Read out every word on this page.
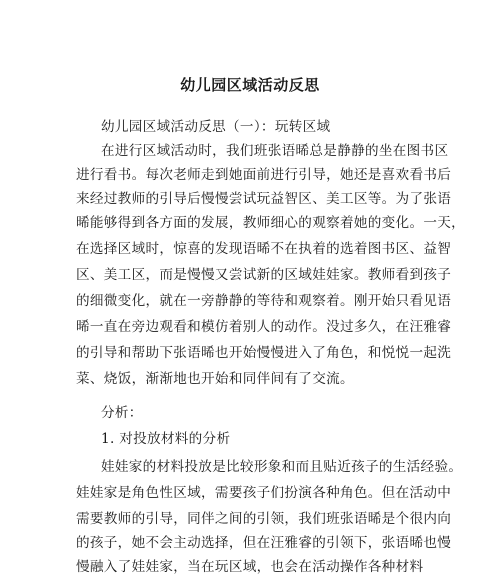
幼儿园区域活动反思
幼儿园区域活动反思（一）：玩转区域
在进行区域活动时，我们班张语晞总是静静的坐在图书区
进行看书。每次老师走到她面前进行引导，她还是喜欢看书后
来经过教师的引导后慢慢尝试玩益智区、美工区等。为了张语
晞能够得到各方面的发展，教师细心的观察着她的变化。一天，
在选择区域时，惊喜的发现语晞不在执着的选着图书区、益智
区、美工区，而是慢慢又尝试新的区域娃娃家。教师看到孩子
的细微变化，就在一旁静静的等待和观察着。刚开始只看见语
晞一直在旁边观看和模仿着别人的动作。没过多久，在汪雅睿
的引导和帮助下张语晞也开始慢慢进入了角色，和悦悦一起洗
菜、烧饭，渐渐地也开始和同伴间有了交流。
分析：
1. 对投放材料的分析
娃娃家的材料投放是比较形象和而且贴近孩子的生活经验。
娃娃家是角色性区域，需要孩子们扮演各种角色。但在活动中
需要教师的引导，同伴之间的引领，我们班张语晞是个很内向
的孩子，她不会主动选择，但在汪雅睿的引领下，张语晞也慢
慢融入了娃娃家，当在玩区域，也会在活动操作各种材料
